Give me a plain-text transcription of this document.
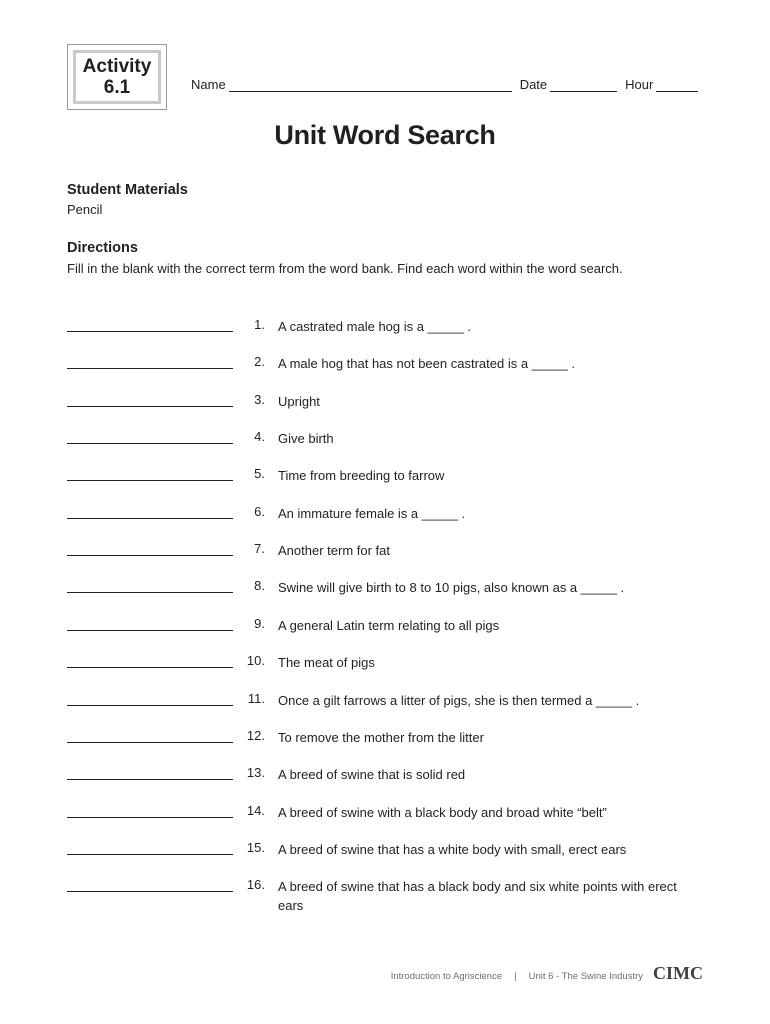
Activity
6.1	Name	Date	Hour
Unit Word Search
Student Materials
Pencil
Directions
Fill in the blank with the correct term from the word bank. Find each word within the word search.
1. A castrated male hog is a _____ .
2. A male hog that has not been castrated is a _____ .
3. Upright
4. Give birth
5. Time from breeding to farrow
6. An immature female is a _____ .
7. Another term for fat
8. Swine will give birth to 8 to 10 pigs, also known as a _____ .
9. A general Latin term relating to all pigs
10. The meat of pigs
11. Once a gilt farrows a litter of pigs, she is then termed a _____ .
12. To remove the mother from the litter
13. A breed of swine that is solid red
14. A breed of swine with a black body and broad white “belt”
15. A breed of swine that has a white body with small, erect ears
16. A breed of swine that has a black body and six white points with erect ears
Introduction to Agriscience | Unit 6 - The Swine Industry CIMC
